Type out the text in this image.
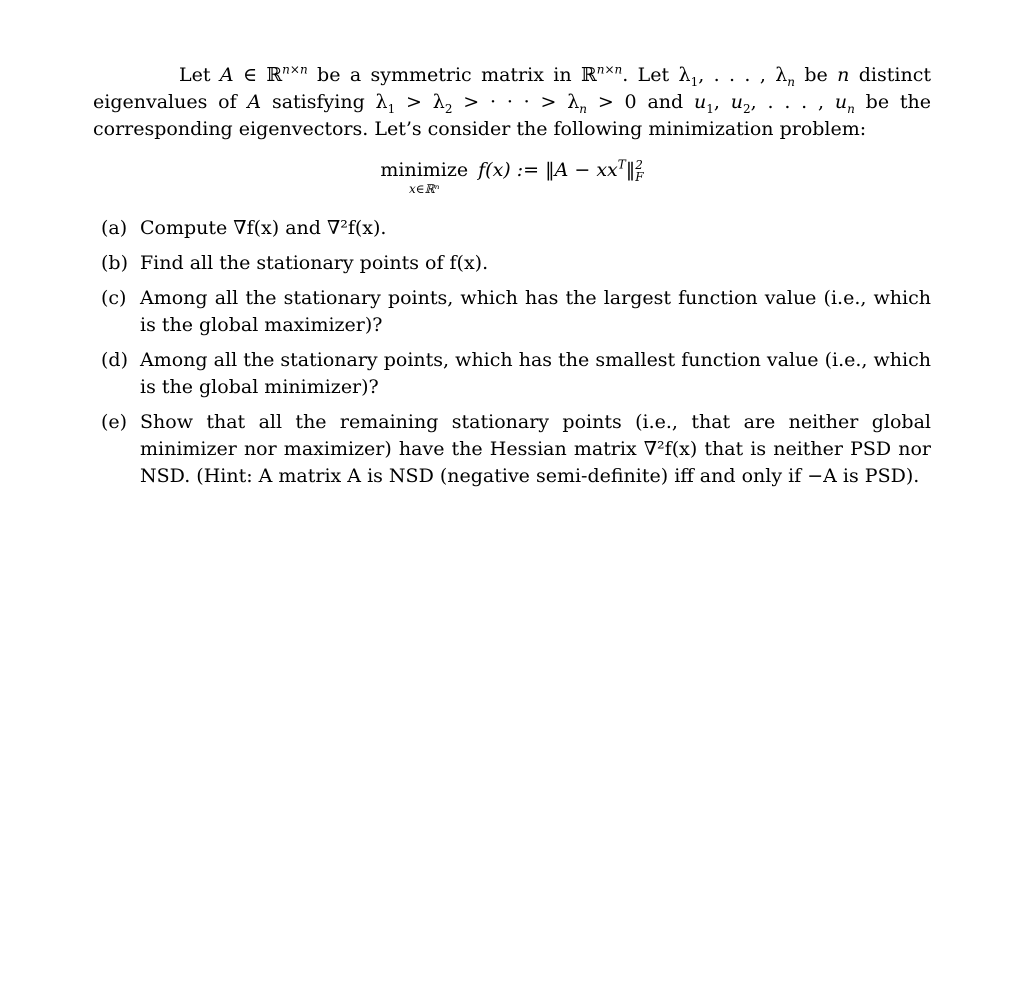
Let A ∈ ℝ$^{n\times n}$ be a symmetric matrix in ℝ$^{n\times n}$. Let $\lambda_1$, . . . , $\lambda_n$ be n distinct eigenvalues of A satisfying $\lambda_1 > \lambda_2$ > · · · > $\lambda_n > 0$ and $u_1$, $u_2$, . . . , $u_n$ be the corresponding eigenvectors. Let’s consider the following minimization problem:

minimize
x∈ℝⁿ
f(x) := ‖A − $xx^T‖$ 2
F
(a) Compute ∇f(x) and ∇²f(x).
(b) Find all the stationary points of f(x).
(c) Among all the stationary points, which has the largest function value (i.e., which is the global maximizer)?
(d) Among all the stationary points, which has the smallest function value (i.e., which is the global minimizer)?
(e) Show that all the remaining stationary points (i.e., that are neither global minimizer nor maximizer) have the Hessian matrix ∇²f(x) that is neither PSD nor NSD. (Hint: A matrix A is NSD (negative semi-definite) iff and only if −A is PSD).
